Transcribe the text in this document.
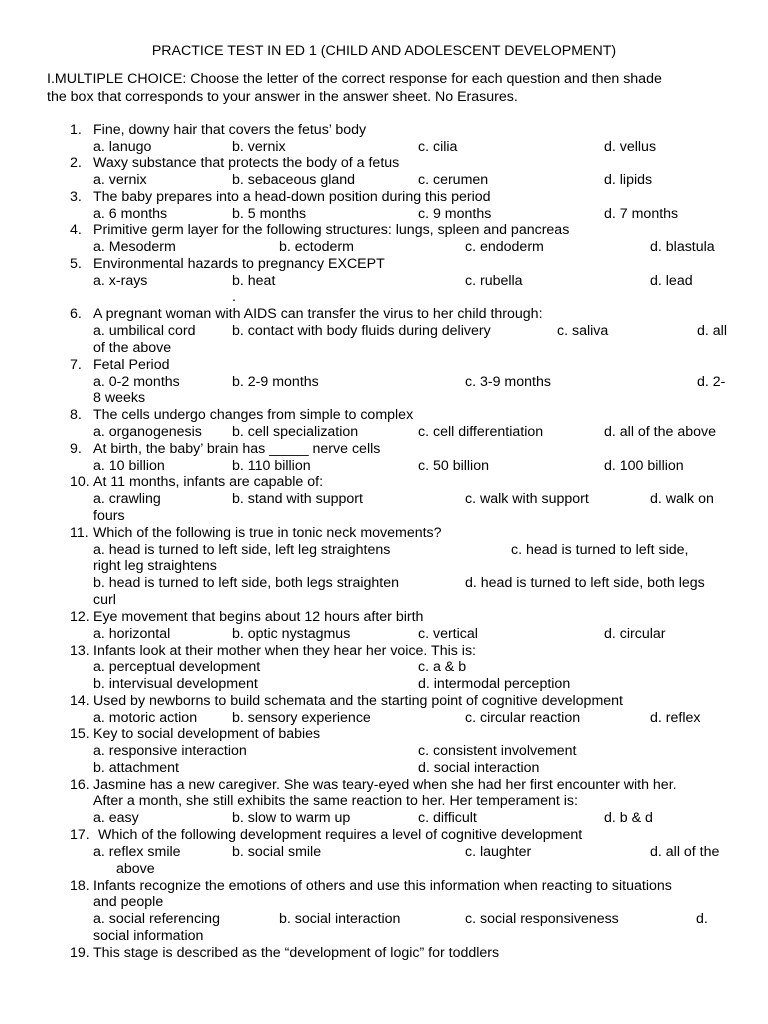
PRACTICE TEST IN ED 1 (CHILD AND ADOLESCENT DEVELOPMENT)
I.MULTIPLE CHOICE: Choose the letter of the correct response for each question and then shade
the box that corresponds to your answer in the answer sheet. No Erasures.
1. Fine, downy hair that covers the fetus’ body
a. lanugo	b. vernix	c. cilia	d. vellus
2. Waxy substance that protects the body of a fetus
a. vernix	b. sebaceous gland	c. cerumen	d. lipids
3. The baby prepares into a head-down position during this period
a. 6 months	b. 5 months	c. 9 months	d. 7 months
4. Primitive germ layer for the following structures: lungs, spleen and pancreas
a. Mesoderm	b. ectoderm	c. endoderm	d. blastula
5. Environmental hazards to pregnancy EXCEPT
a. x-rays	b. heat	c. rubella	d. lead
.
6. A pregnant woman with AIDS can transfer the virus to her child through:
a. umbilical cord	b. contact with body fluids during delivery	c. saliva	d. all
of the above
7. Fetal Period
a. 0-2 months	b. 2-9 months	c. 3-9 months	d. 2-
8 weeks
8. The cells undergo changes from simple to complex
a. organogenesis b. cell specialization	c. cell differentiation	d. all of the above
9. At birth, the baby’ brain has _____ nerve cells
a. 10 billion	b. 110 billion	c. 50 billion	d. 100 billion
10. At 11 months, infants are capable of:
a. crawling	b. stand with support	c. walk with support	d. walk on
fours
11. Which of the following is true in tonic neck movements?
a. head is turned to left side, left leg straightens	c. head is turned to left side,
right leg straightens
b. head is turned to left side, both legs straighten	d. head is turned to left side, both legs
curl
12. Eye movement that begins about 12 hours after birth
a. horizontal	b. optic nystagmus	c. vertical	d. circular
13. Infants look at their mother when they hear her voice. This is:
a. perceptual development	c. a & b
b. intervisual development	d. intermodal perception
14. Used by newborns to build schemata and the starting point of cognitive development
a. motoric action b. sensory experience	c. circular reaction	d. reflex
15. Key to social development of babies
a. responsive interaction	c. consistent involvement
b. attachment	d. social interaction
16. Jasmine has a new caregiver. She was teary-eyed when she had her first encounter with her.
After a month, she still exhibits the same reaction to her. Her temperament is:
a. easy	b. slow to warm up	c. difficult	d. b & d
17. Which of the following development requires a level of cognitive development
a. reflex smile	b. social smile	c. laughter	d. all of the
above
18. Infants recognize the emotions of others and use this information when reacting to situations
and people
a. social referencing	b. social interaction	c. social responsiveness	d.
social information
19. This stage is described as the “development of logic” for toddlers
